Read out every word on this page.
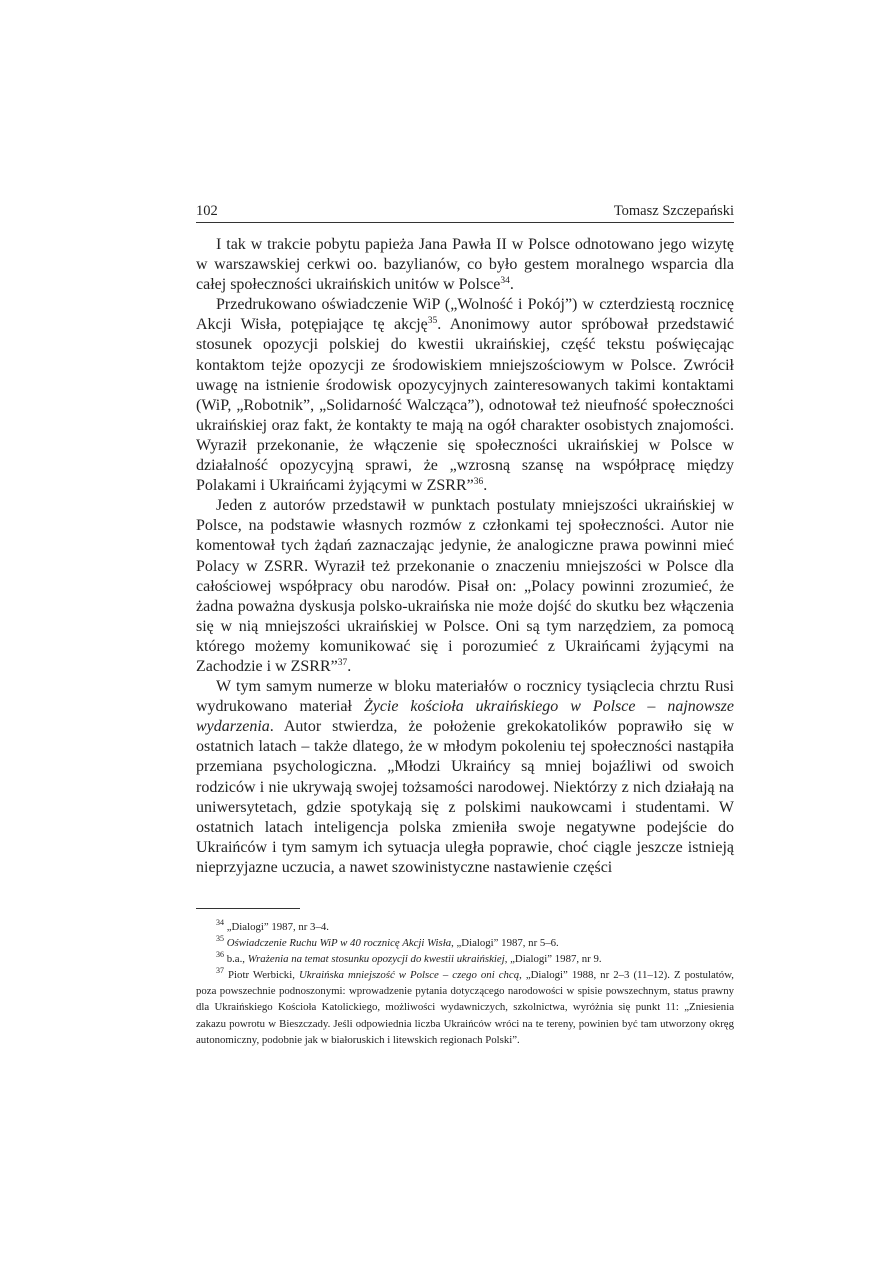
102	Tomasz Szczepański

I tak w trakcie pobytu papieża Jana Pawła II w Polsce odnotowano jego wizytę w warszawskiej cerkwi oo. bazylianów, co było gestem moralnego wsparcia dla całej społeczności ukraińskich unitów w Polsce$^{34}$.

Przedrukowano oświadczenie WiP („Wolność i Pokój”) w czterdziestą rocznicę Akcji Wisła, potępiające tę akcję$^{35}$. Anonimowy autor spróbował przedstawić stosunek opozycji polskiej do kwestii ukraińskiej, część tekstu poświęcając kontaktom tejże opozycji ze środowiskiem mniejszościowym w Polsce. Zwrócił uwagę na istnienie środowisk opozycyjnych zainteresowanych takimi kontaktami (WiP, „Robotnik”, „Solidarność Walcząca”), odnotował też nieufność społeczności ukraińskiej oraz fakt, że kontakty te mają na ogół charakter osobistych znajomości. Wyraził przekonanie, że włączenie się społeczności ukraińskiej w Polsce w działalność opozycyjną sprawi, że „wzrosną szansę na współpracę między Polakami i Ukraińcami żyjącymi w ZSRR”$^{36}$.

Jeden z autorów przedstawił w punktach postulaty mniejszości ukraińskiej w Polsce, na podstawie własnych rozmów z członkami tej społeczności. Autor nie komentował tych żądań zaznaczając jedynie, że analogiczne prawa powinni mieć Polacy w ZSRR. Wyraził też przekonanie o znaczeniu mniejszości w Polsce dla całościowej współpracy obu narodów. Pisał on: „Polacy powinni zrozumieć, że żadna poważna dyskusja polsko-ukraińska nie może dojść do skutku bez włączenia się w nią mniejszości ukraińskiej w Polsce. Oni są tym narzędziem, za pomocą którego możemy komunikować się i porozumieć z Ukraińcami żyjącymi na Zachodzie i w ZSRR”$^{37}$.

W tym samym numerze w bloku materiałów o rocznicy tysiąclecia chrztu Rusi wydrukowano materiał Życie kościoła ukraińskiego w Polsce – najnowsze wydarzenia. Autor stwierdza, że położenie grekokatolików poprawiło się w ostatnich latach – także dlatego, że w młodym pokoleniu tej społeczności nastąpiła przemiana psychologiczna. „Młodzi Ukraińcy są mniej bojaźliwi od swoich rodziców i nie ukrywają swojej tożsamości narodowej. Niektórzy z nich działają na uniwersytetach, gdzie spotykają się z polskimi naukowcami i studentami. W ostatnich latach inteligencja polska zmieniła swoje negatywne podejście do Ukraińców i tym samym ich sytuacja uległa poprawie, choć ciągle jeszcze istnieją nieprzyjazne uczucia, a nawet szowinistyczne nastawienie części

$^{34}$ „Dialogi” 1987, nr 3–4.

$^{35}$ Oświadczenie Ruchu WiP w 40 rocznicę Akcji Wisła, „Dialogi” 1987, nr 5–6.

$^{36}$ b.a., Wrażenia na temat stosunku opozycji do kwestii ukraińskiej, „Dialogi” 1987, nr 9.

$^{37}$ Piotr Werbicki, Ukraińska mniejszość w Polsce – czego oni chcą, „Dialogi” 1988, nr 2–3 (11–12). Z postulatów, poza powszechnie podnoszonymi: wprowadzenie pytania dotyczącego narodowości w spisie powszechnym, status prawny dla Ukraińskiego Kościoła Katolickiego, możliwości wydawniczych, szkolnictwa, wyróżnia się punkt 11: „Zniesienia zakazu powrotu w Bieszczady. Jeśli odpowiednia liczba Ukraińców wróci na te tereny, powinien być tam utworzony okręg autonomiczny, podobnie jak w białoruskich i litewskich regionach Polski”.
